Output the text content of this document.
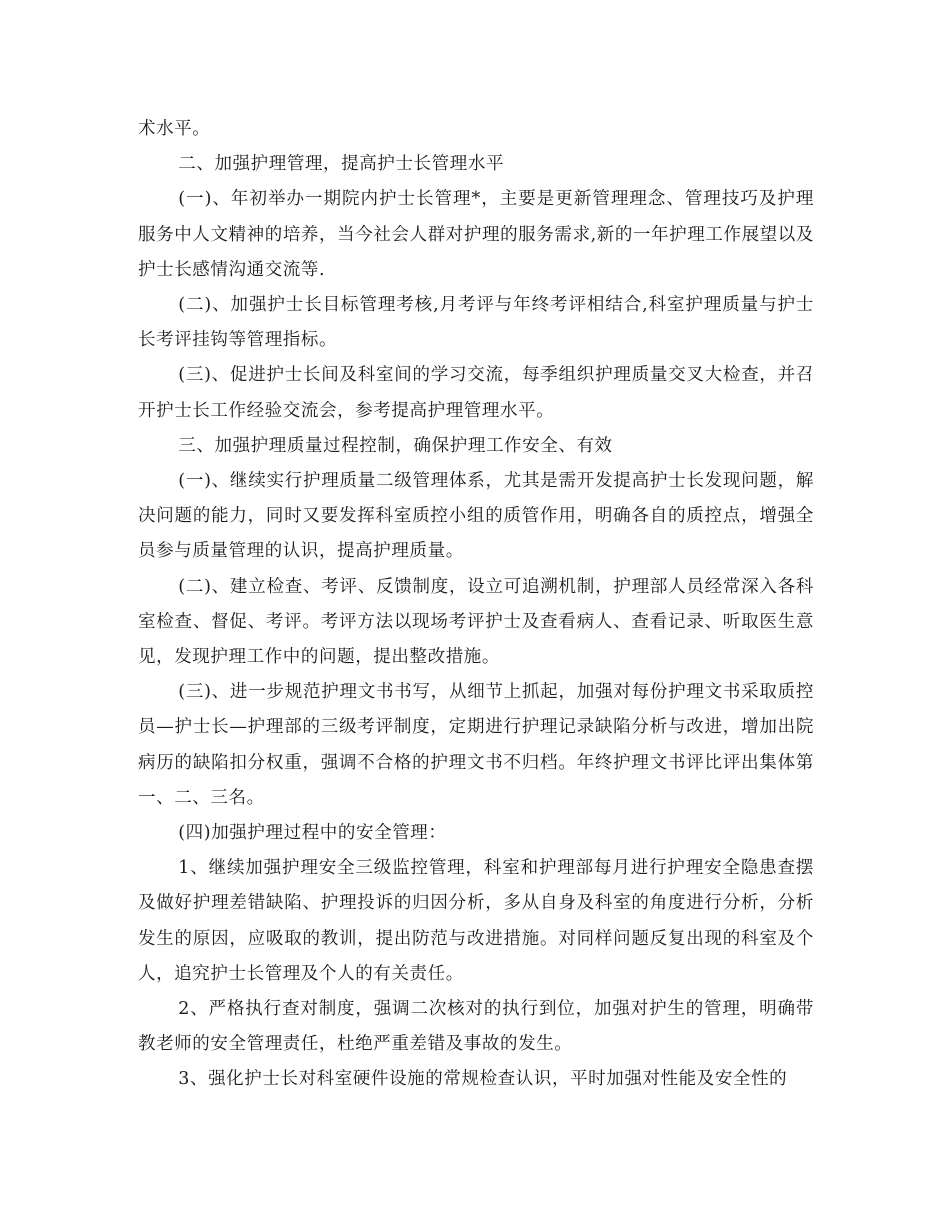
术水平。

二、加强护理管理，提高护士长管理水平

(一)、年初举办一期院内护士长管理*，主要是更新管理理念、管理技巧及护理服务中人文精神的培养，当今社会人群对护理的服务需求,新的一年护理工作展望以及护士长感情沟通交流等.

(二)、加强护士长目标管理考核,月考评与年终考评相结合,科室护理质量与护士长考评挂钩等管理指标。

(三)、促进护士长间及科室间的学习交流，每季组织护理质量交叉大检查，并召开护士长工作经验交流会，参考提高护理管理水平。

三、加强护理质量过程控制，确保护理工作安全、有效

(一)、继续实行护理质量二级管理体系，尤其是需开发提高护士长发现问题，解决问题的能力，同时又要发挥科室质控小组的质管作用，明确各自的质控点，增强全员参与质量管理的认识，提高护理质量。

(二)、建立检查、考评、反馈制度，设立可追溯机制，护理部人员经常深入各科室检查、督促、考评。考评方法以现场考评护士及查看病人、查看记录、听取医生意见，发现护理工作中的问题，提出整改措施。

(三)、进一步规范护理文书书写，从细节上抓起，加强对每份护理文书采取质控员—护士长—护理部的三级考评制度，定期进行护理记录缺陷分析与改进，增加出院病历的缺陷扣分权重，强调不合格的护理文书不归档。年终护理文书评比评出集体第一、二、三名。

(四)加强护理过程中的安全管理：

1、继续加强护理安全三级监控管理，科室和护理部每月进行护理安全隐患查摆及做好护理差错缺陷、护理投诉的归因分析，多从自身及科室的角度进行分析，分析发生的原因，应吸取的教训，提出防范与改进措施。对同样问题反复出现的科室及个人，追究护士长管理及个人的有关责任。

2、严格执行查对制度，强调二次核对的执行到位，加强对护生的管理，明确带教老师的安全管理责任，杜绝严重差错及事故的发生。

3、强化护士长对科室硬件设施的常规检查认识，平时加强对性能及安全性的
